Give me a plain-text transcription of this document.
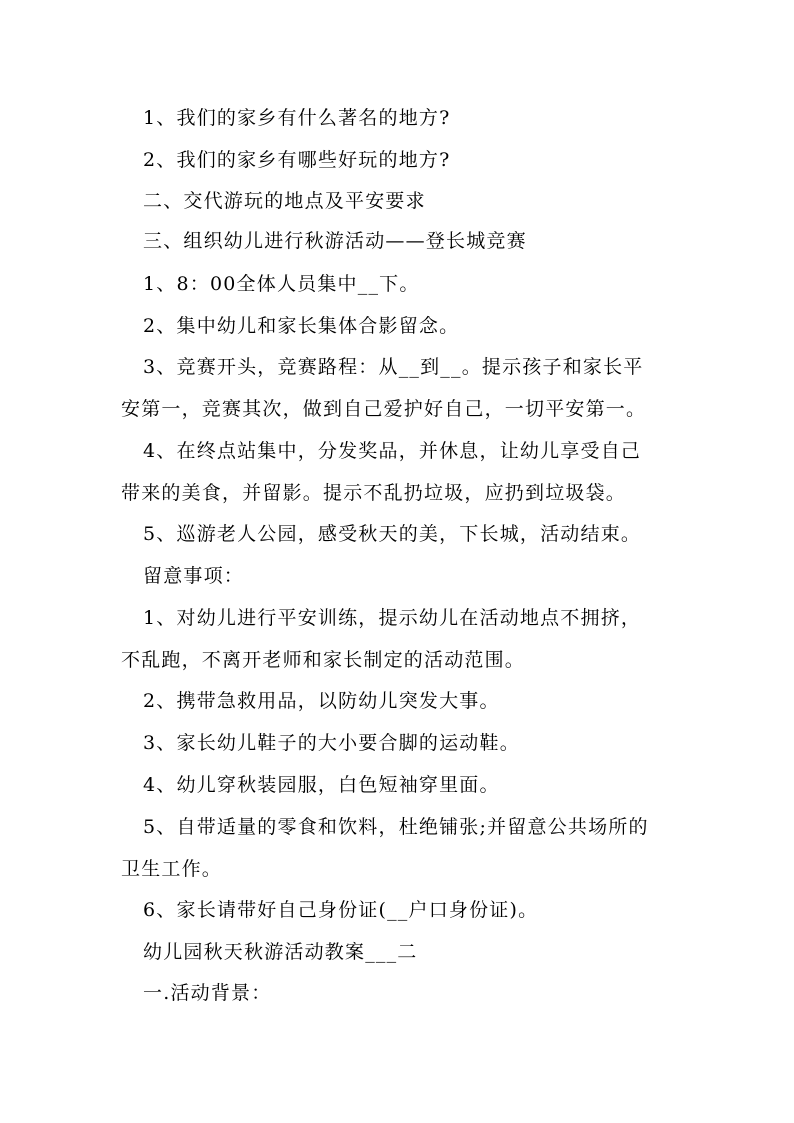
1、我们的家乡有什么著名的地方?
2、我们的家乡有哪些好玩的地方?
二、交代游玩的地点及平安要求
三、组织幼儿进行秋游活动——登长城竞赛
1、8：00全体人员集中__下。
2、集中幼儿和家长集体合影留念。
3、竞赛开头，竞赛路程：从__到__。提示孩子和家长平
安第一，竞赛其次，做到自己爱护好自己，一切平安第一。
4、在终点站集中，分发奖品，并休息，让幼儿享受自己
带来的美食，并留影。提示不乱扔垃圾，应扔到垃圾袋。
5、巡游老人公园，感受秋天的美，下长城，活动结束。
留意事项：
1、对幼儿进行平安训练，提示幼儿在活动地点不拥挤，
不乱跑，不离开老师和家长制定的活动范围。
2、携带急救用品，以防幼儿突发大事。
3、家长幼儿鞋子的大小要合脚的运动鞋。
4、幼儿穿秋装园服，白色短袖穿里面。
5、自带适量的零食和饮料，杜绝铺张;并留意公共场所的
卫生工作。
6、家长请带好自己身份证(__户口身份证)。
幼儿园秋天秋游活动教案___二
一.活动背景：
